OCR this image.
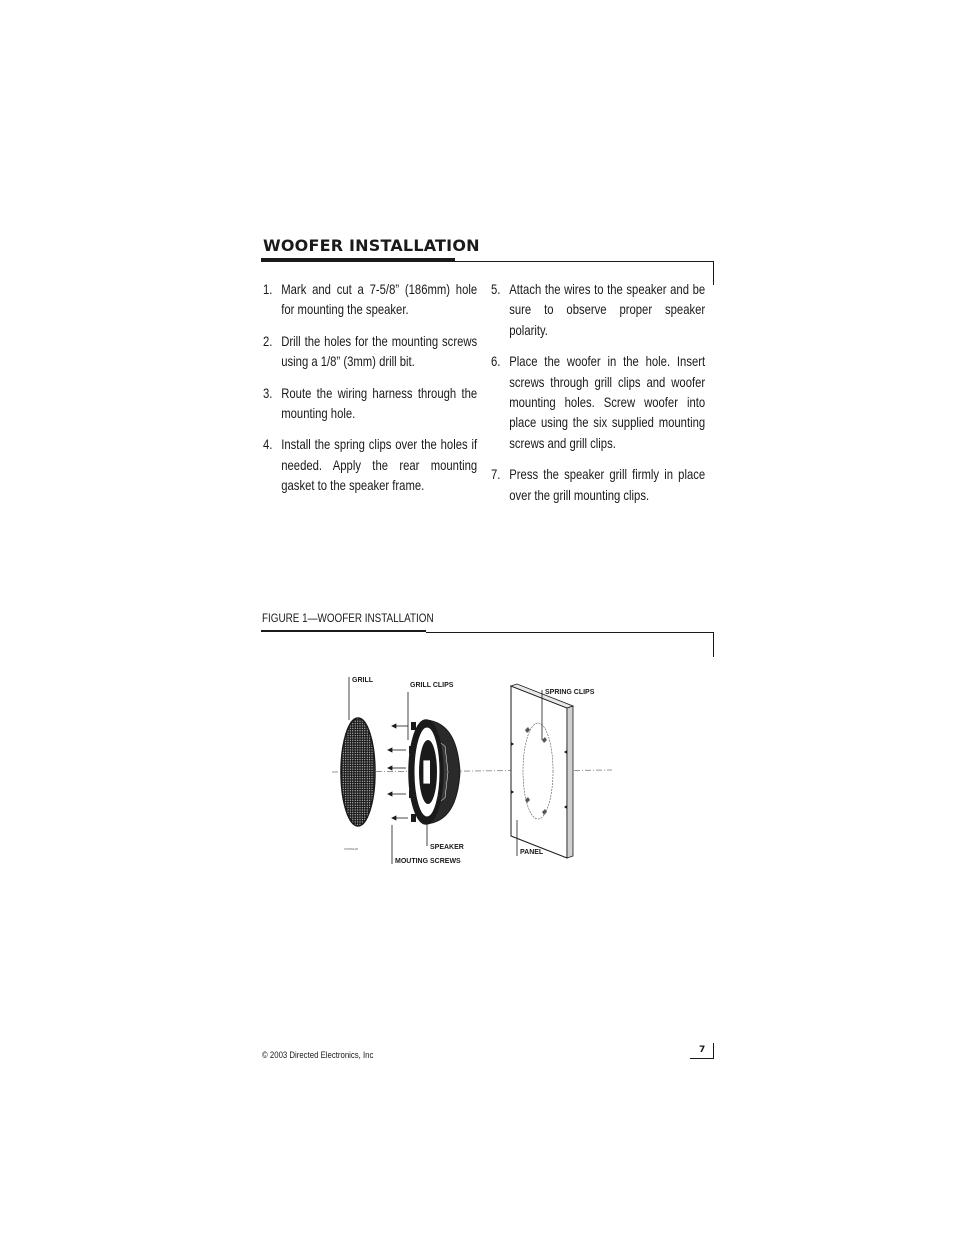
WOOFER INSTALLATION
1. Mark and cut a 7-5/8” (186mm) hole for mounting the speaker.
2. Drill the holes for the mounting screws using a 1/8” (3mm) drill bit.
3. Route the wiring harness through the mounting hole.
4. Install the spring clips over the holes if needed. Apply the rear mounting gasket to the speaker frame.
5. Attach the wires to the speaker and be sure to observe proper speaker polarity.
6. Place the woofer in the hole. Insert screws through grill clips and woofer mounting holes. Screw woofer into place using the six supplied mounting screws and grill clips.
7. Press the speaker grill firmly in place over the grill mounting clips.
FIGURE 1—WOOFER INSTALLATION
GRILL
GRILL CLIPS
SPEAKER
MOUTING SCREWS
CPW6218
SPRING CLIPS
PANEL
© 2003 Directed Electronics, Inc	7
